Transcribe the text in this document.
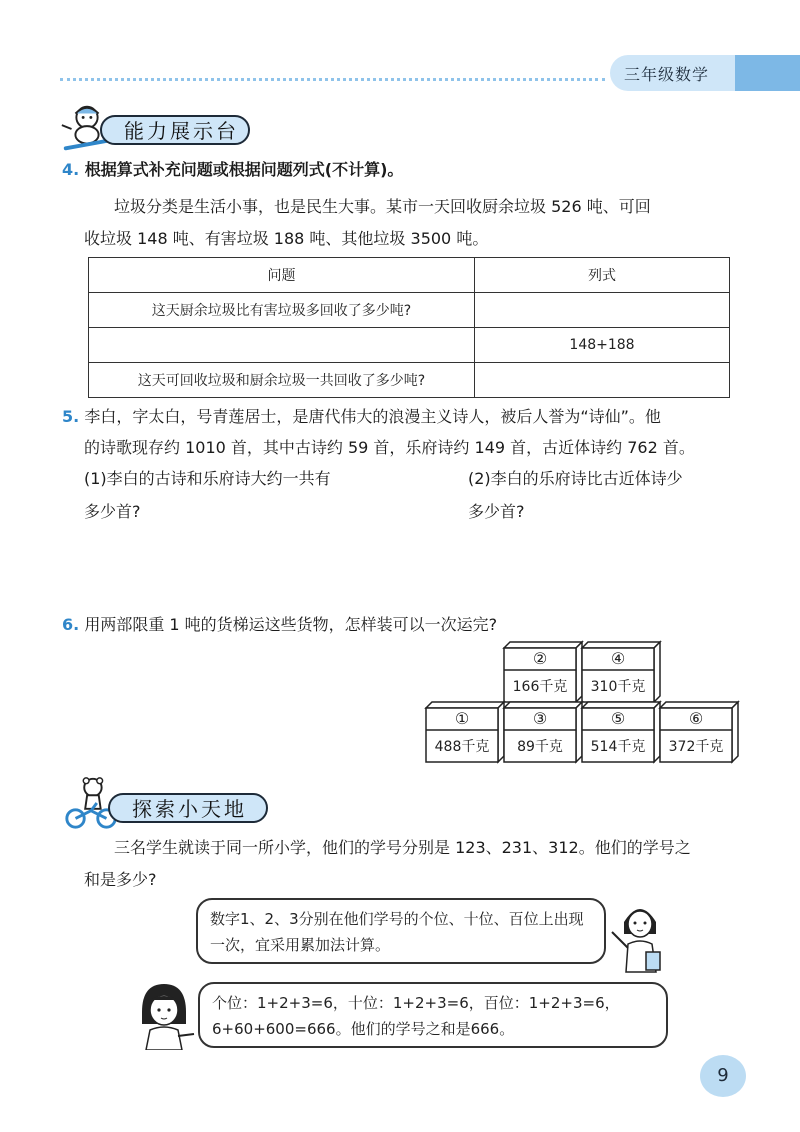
三年级数学
能力展示台
4. 根据算式补充问题或根据问题列式(不计算)。
垃圾分类是生活小事，也是民生大事。某市一天回收厨余垃圾 526 吨、可回
收垃圾 148 吨、有害垃圾 188 吨、其他垃圾 3500 吨。
问题	列式
这天厨余垃圾比有害垃圾多回收了多少吨?	
	148+188
这天可回收垃圾和厨余垃圾一共回收了多少吨?	
5. 李白，字太白，号青莲居士，是唐代伟大的浪漫主义诗人，被后人誉为“诗仙”。他
的诗歌现存约 1010 首，其中古诗约 59 首，乐府诗约 149 首，古近体诗约 762 首。
(1)李白的古诗和乐府诗大约一共有
多少首?
(2)李白的乐府诗比古近体诗少
多少首?
6. 用两部限重 1 吨的货梯运这些货物，怎样装可以一次运完?
②
166千克
④
310千克
①
488千克
③
89千克
⑤
514千克
⑥
372千克
探索小天地
三名学生就读于同一所小学，他们的学号分别是 123、231、312。他们的学号之
和是多少?
数字1、2、3分别在他们学号的个位、十位、百位上出现
一次，宜采用累加法计算。
个位：1+2+3=6，十位：1+2+3=6，百位：1+2+3=6，
6+60+600=666。他们的学号之和是666。
9
